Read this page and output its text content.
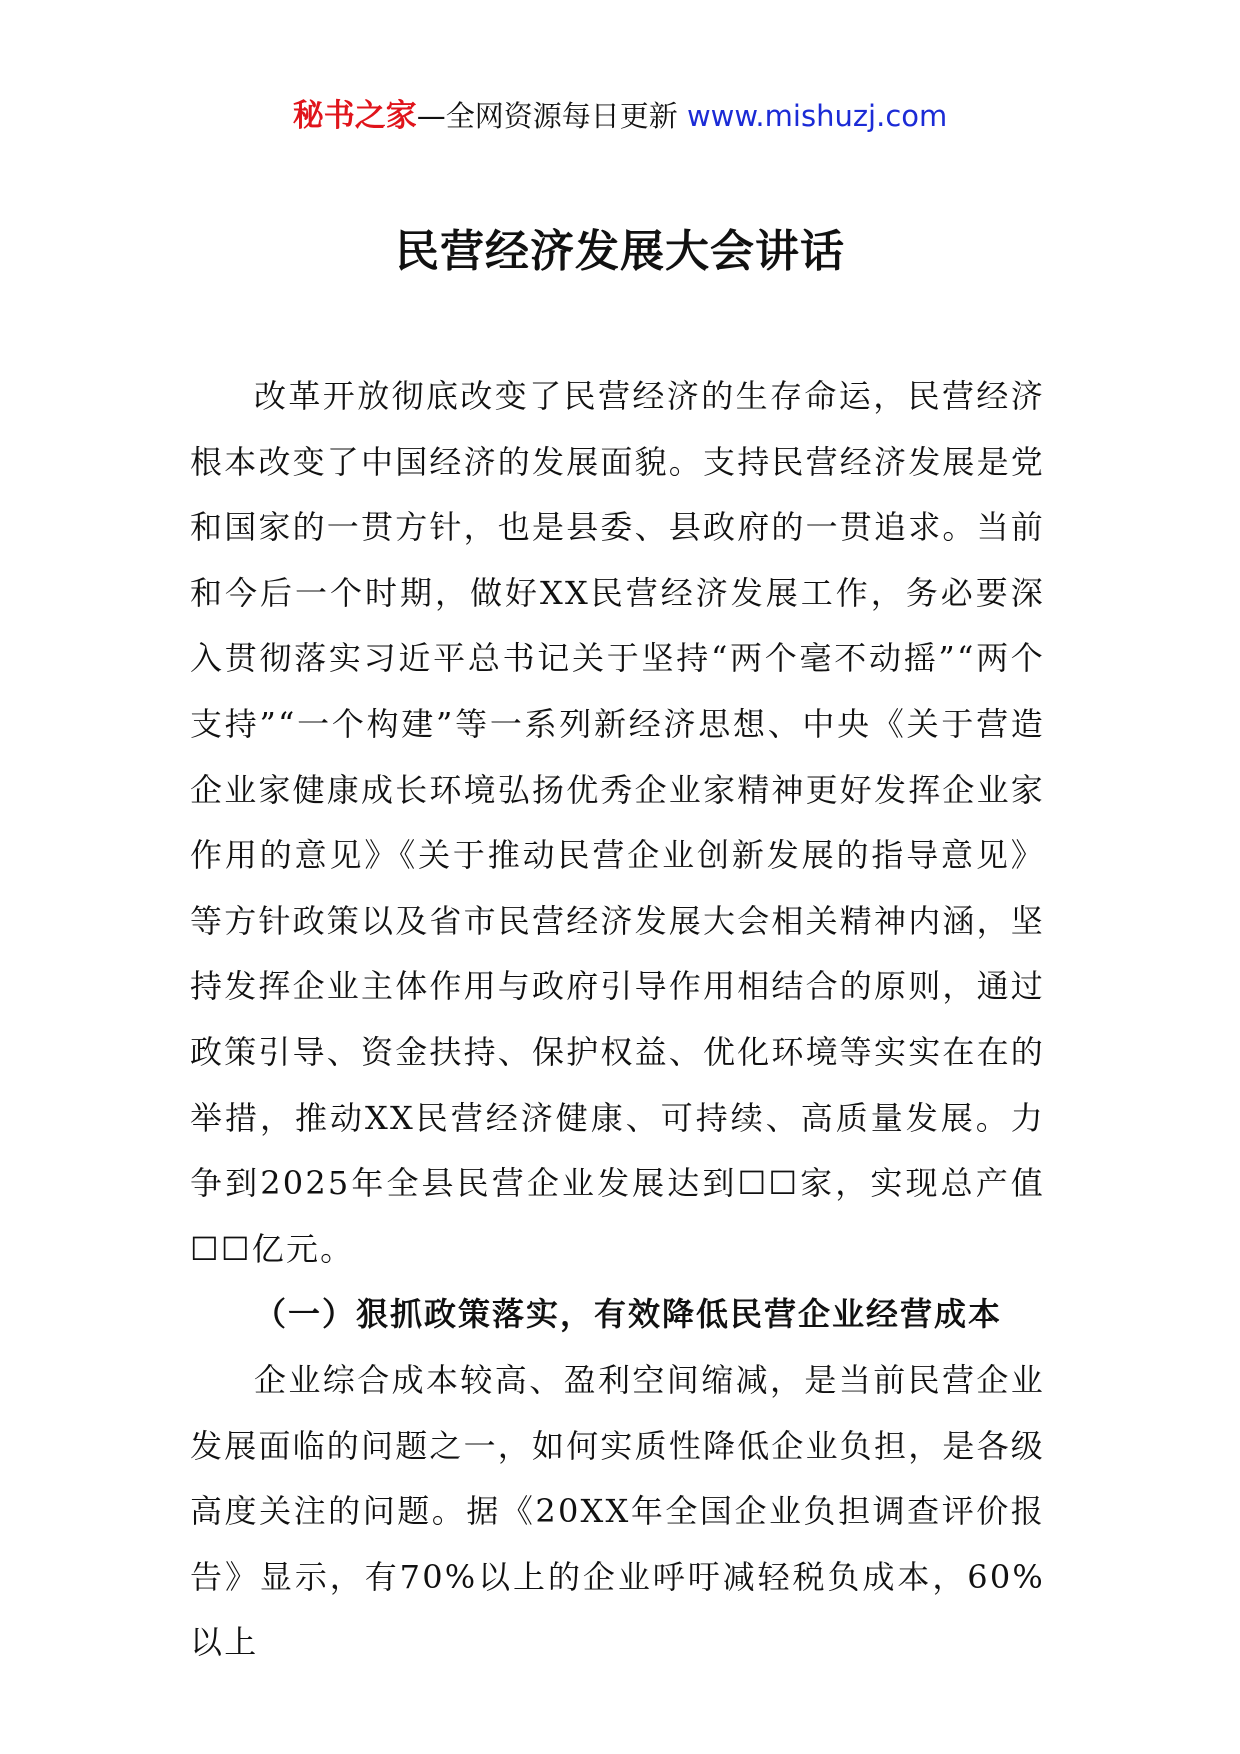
秘书之家—全网资源每日更新 www.mishuzj.com
民营经济发展大会讲话

改革开放彻底改变了民营经济的生存命运，民营经济根本改变了中国经济的发展面貌。支持民营经济发展是党和国家的一贯方针，也是县委、县政府的一贯追求。当前和今后一个时期，做好XX民营经济发展工作，务必要深入贯彻落实习近平总书记关于坚持“两个毫不动摇”“两个支持”“一个构建”等一系列新经济思想、中央《关于营造企业家健康成长环境弘扬优秀企业家精神更好发挥企业家作用的意见》《关于推动民营企业创新发展的指导意见》等方针政策以及省市民营经济发展大会相关精神内涵，坚持发挥企业主体作用与政府引导作用相结合的原则，通过政策引导、资金扶持、保护权益、优化环境等实实在在的举措，推动XX民营经济健康、可持续、高质量发展。力争到2025年全县民营企业发展达到☐☐家，实现总产值☐☐亿元。

（一）狠抓政策落实，有效降低民营企业经营成本

企业综合成本较高、盈利空间缩减，是当前民营企业发展面临的问题之一，如何实质性降低企业负担，是各级高度关注的问题。据《20XX年全国企业负担调查评价报告》显示，有70%以上的企业呼吁减轻税负成本，60%以上
